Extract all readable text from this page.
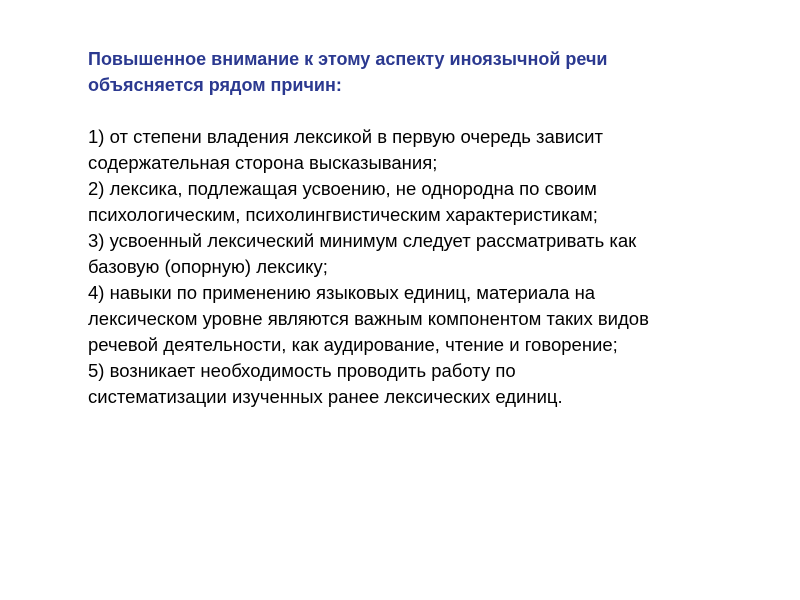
Повышенное внимание к этому аспекту иноязычной речи
объясняется рядом причин:
1) от степени владения лексикой в первую очередь зависит
содержательная сторона высказывания;
2) лексика, подлежащая усвоению, не однородна по своим
психологическим, психолингвистическим характеристикам;
3) усвоенный лексический минимум следует рассматривать как
базовую (опорную) лексику;
4) навыки по применению языковых единиц, материала на
лексическом уровне являются важным компонентом таких видов
речевой деятельности, как аудирование, чтение и говорение;
5) возникает необходимость проводить работу по
систематизации изученных ранее лексических единиц.
